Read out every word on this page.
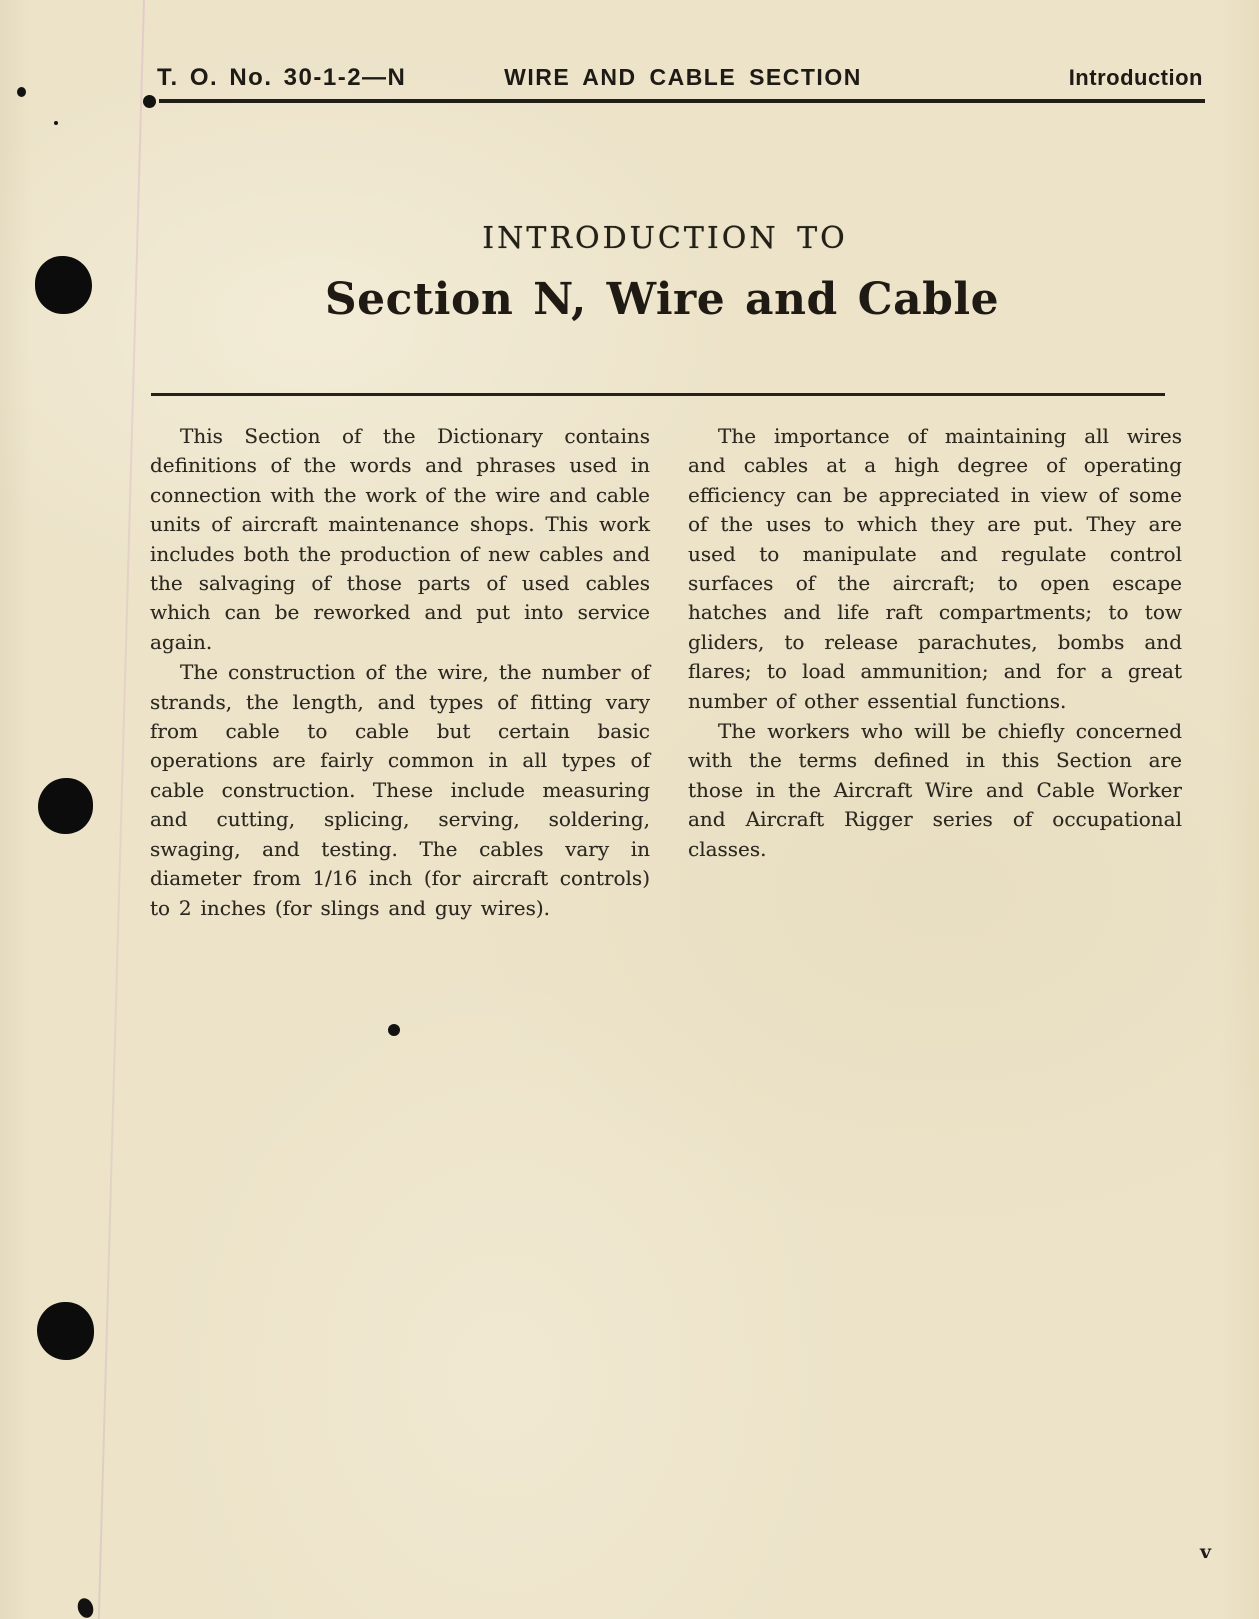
T. O. No. 30-1-2—N	WIRE AND CABLE SECTION	Introduction
INTRODUCTION TO
Section N, Wire and Cable

This Section of the Dictionary contains definitions of the words and phrases used in connection with the work of the wire and cable units of aircraft maintenance shops. This work includes both the production of new cables and the salvaging of those parts of used cables which can be reworked and put into service again.

The construction of the wire, the number of strands, the length, and types of fitting vary from cable to cable but certain basic operations are fairly common in all types of cable construction. These include measuring and cutting, splicing, serving, soldering, swaging, and testing. The cables vary in diameter from 1/16 inch (for aircraft controls) to 2 inches (for slings and guy wires).

The importance of maintaining all wires and cables at a high degree of operating efficiency can be appreciated in view of some of the uses to which they are put. They are used to manipulate and regulate control surfaces of the aircraft; to open escape hatches and life raft compartments; to tow gliders, to release parachutes, bombs and flares; to load ammunition; and for a great number of other essential functions.

The workers who will be chiefly concerned with the terms defined in this Section are those in the Aircraft Wire and Cable Worker and Aircraft Rigger series of occupational classes.

v
